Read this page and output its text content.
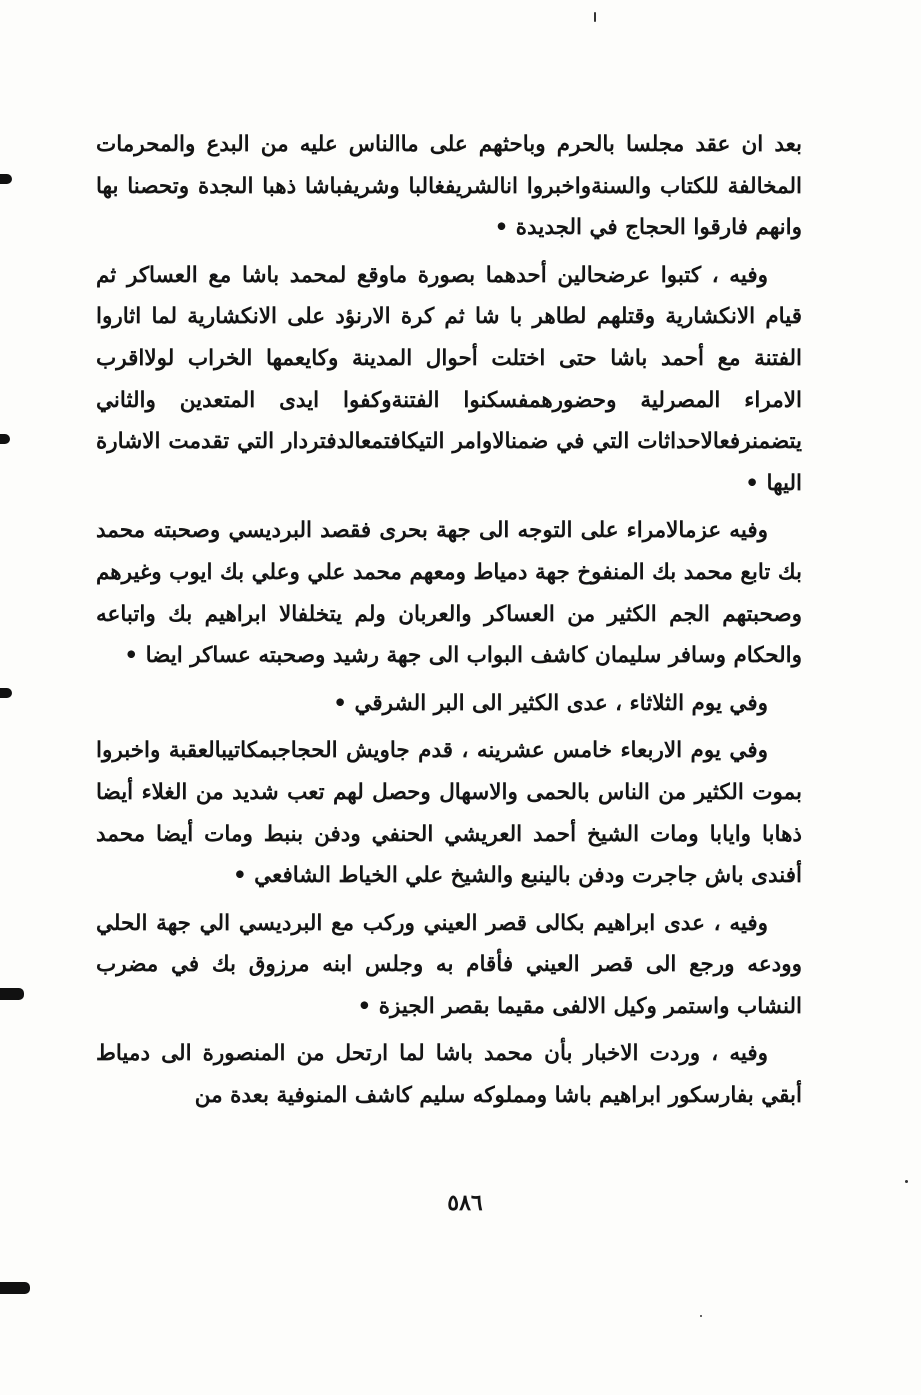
بعد ان عقد مجلسا بالحرم وباحثهم على ماالناس عليه من البدع والمحرمات المخالفة للكتاب والسنةواخبروا انالشريفغالبا وشريفباشا ذهبا الىجدة وتحصنا بها وانهم فارقوا الحجاج في الجديدة •

وفيه ، كتبوا عرضحالين أحدهما بصورة ماوقع لمحمد باشا مع العساكر ثم قيام الانكشارية وقتلهم لطاهر با شا ثم كرة الارنؤد على الانكشارية لما اثاروا الفتنة مع أحمد باشا حتى اختلت أحوال المدينة وكايعمها الخراب لولااقرب الامراء المصرلية وحضورهمفسكنوا الفتنةوكفوا ايدى المتعدين والثاني يتضمنرفعالاحداثات التي في ضمنالاوامر التيكافتمعالدفتردار التي تقدمت الاشارة اليها •

وفيه عزمالامراء على التوجه الى جهة بحرى فقصد البرديسي وصحبته محمد بك تابع محمد بك المنفوخ جهة دمياط ومعهم محمد علي وعلي بك ايوب وغيرهم وصحبتهم الجم الكثير من العساكر والعربان ولم يتخلفالا ابراهيم بك واتباعه والحكام وسافر سليمان كاشف البواب الى جهة رشيد وصحبته عساكر ايضا •

وفي يوم الثلاثاء ، عدى الكثير الى البر الشرقي •

وفي يوم الاربعاء خامس عشرينه ، قدم جاويش الحجاجبمكاتيبالعقبة واخبروا بموت الكثير من الناس بالحمى والاسهال وحصل لهم تعب شديد من الغلاء أيضا ذهابا وايابا ومات الشيخ أحمد العريشي الحنفي ودفن بنبط ومات أيضا محمد أفندى باش جاجرت ودفن بالينبع والشيخ علي الخياط الشافعي •

وفيه ، عدى ابراهيم بكالى قصر العيني وركب مع البرديسي الي جهة الحلي وودعه ورجع الى قصر العيني فأقام به وجلس ابنه مرزوق بك في مضرب النشاب واستمر وكيل الالفى مقيما بقصر الجيزة •

وفيه ، وردت الاخبار بأن محمد باشا لما ارتحل من المنصورة الى دمياط أبقي بفارسكور ابراهيم باشا ومملوكه سليم كاشف المنوفية بعدة من

٥٨٦
